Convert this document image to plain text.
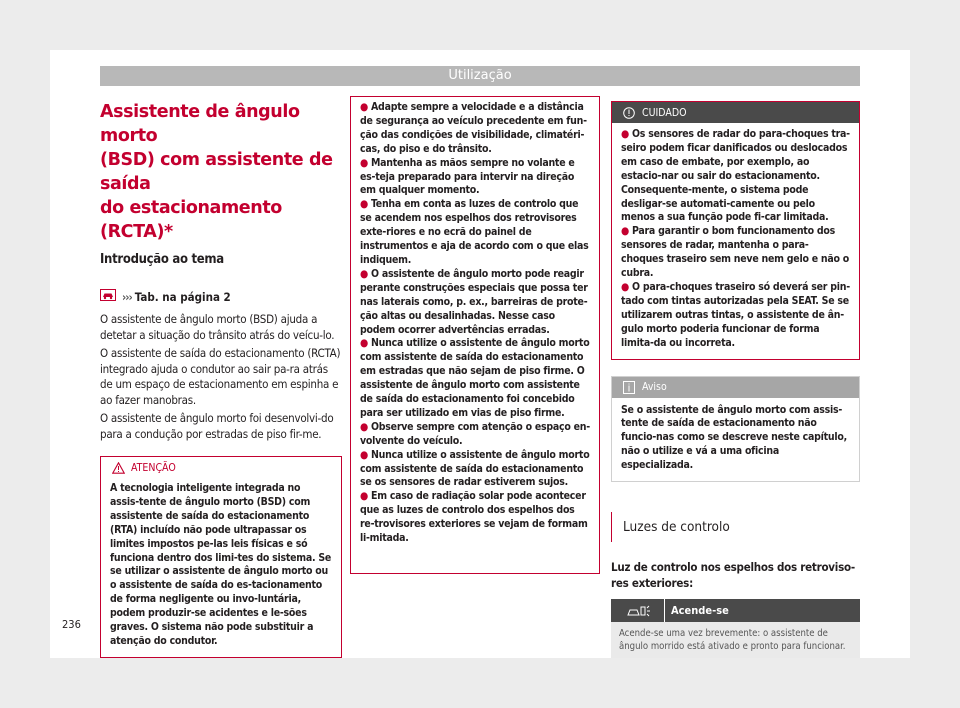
Utilização
Assistente de ângulo morto
(BSD) com assistente de saída
do estacionamento (RCTA)*
Introdução ao tema
››› Tab. na página 2

O assistente de ângulo morto (BSD) ajuda a detetar a situação do trânsito atrás do veícu-lo.

O assistente de saída do estacionamento (RCTA) integrado ajuda o condutor ao sair pa-ra atrás de um espaço de estacionamento em espinha e ao fazer manobras.

O assistente de ângulo morto foi desenvolvi-do para a condução por estradas de piso fir-me.

ATENÇÃO
A tecnologia inteligente integrada no assis-tente de ângulo morto (BSD) com assistente de saída do estacionamento (RTA) incluído não pode ultrapassar os limites impostos pe-las leis físicas e só funciona dentro dos limi-tes do sistema. Se se utilizar o assistente de ângulo morto ou o assistente de saída do es-tacionamento de forma negligente ou invo-luntária, podem produzir-se acidentes e le-sões graves. O sistema não pode substituir a atenção do condutor.
● Adapte sempre a velocidade e a distância de segurança ao veículo precedente em fun-ção das condições de visibilidade, climatéri-cas, do piso e do trânsito.
● Mantenha as mãos sempre no volante e es-teja preparado para intervir na direção em qualquer momento.
● Tenha em conta as luzes de controlo que se acendem nos espelhos dos retrovisores exte-riores e no ecrã do painel de instrumentos e aja de acordo com o que elas indiquem.
● O assistente de ângulo morto pode reagir perante construções especiais que possa ter nas laterais como, p. ex., barreiras de prote-ção altas ou desalinhadas. Nesse caso podem ocorrer advertências erradas.
● Nunca utilize o assistente de ângulo morto com assistente de saída do estacionamento em estradas que não sejam de piso firme. O assistente de ângulo morto com assistente de saída do estacionamento foi concebido para ser utilizado em vias de piso firme.
● Observe sempre com atenção o espaço en-volvente do veículo.
● Nunca utilize o assistente de ângulo morto com assistente de saída do estacionamento se os sensores de radar estiverem sujos.
● Em caso de radiação solar pode acontecer que as luzes de controlo dos espelhos dos re-trovisores exteriores se vejam de formam li-mitada.
CUIDADO
● Os sensores de radar do para-choques tra-seiro podem ficar danificados ou deslocados em caso de embate, por exemplo, ao estacio-nar ou sair do estacionamento. Consequente-mente, o sistema pode desligar-se automati-camente ou pelo menos a sua função pode fi-car limitada.
● Para garantir o bom funcionamento dos sensores de radar, mantenha o para-choques traseiro sem neve nem gelo e não o cubra.
● O para-choques traseiro só deverá ser pin-tado com tintas autorizadas pela SEAT. Se se utilizarem outras tintas, o assistente de ân-gulo morto poderia funcionar de forma limita-da ou incorreta.
Aviso
Se o assistente de ângulo morto com assis-tente de saída de estacionamento não funcio-nas como se descreve neste capítulo, não o utilize e vá a uma oficina especializada.
Luzes de controlo

Luz de controlo nos espelhos dos retroviso-res exteriores:

Acende-se
Acende-se uma vez brevemente: o assistente de ângulo morrido está ativado e pronto para funcionar.
236
